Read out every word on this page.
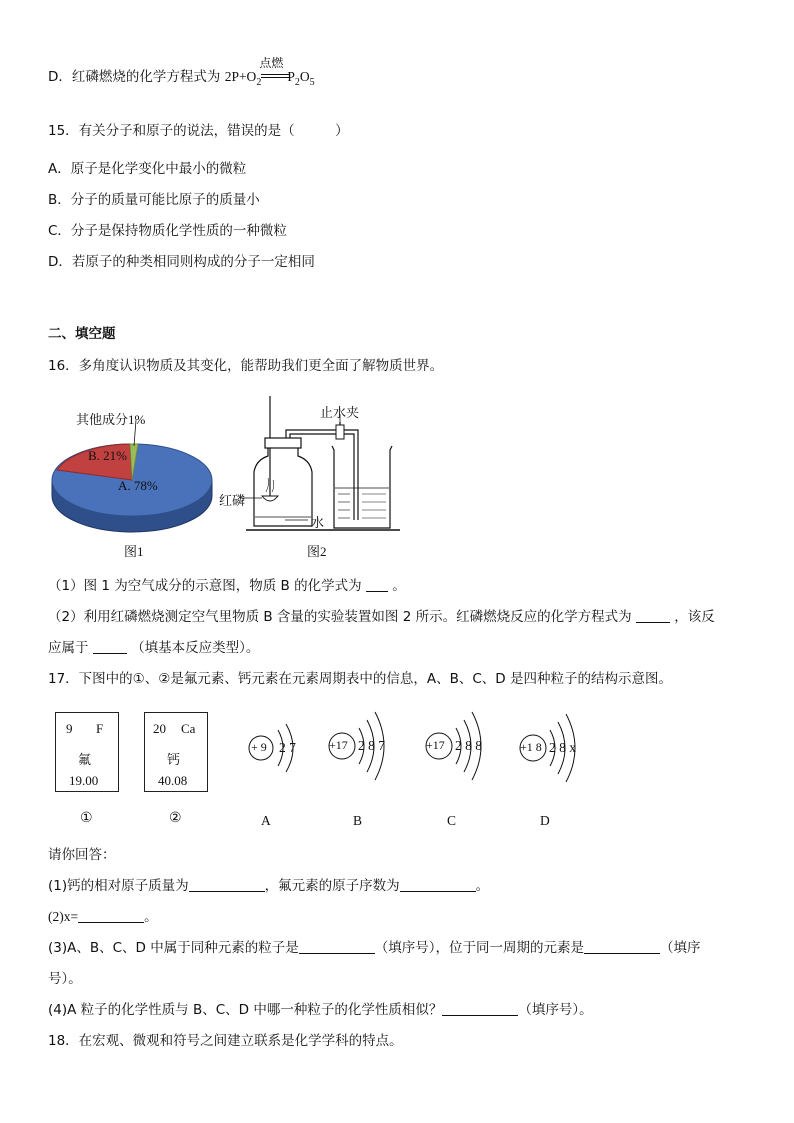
D．红磷燃烧的化学方程式为 $2P+O_2$
点燃
$P_2O_5$
15．有关分子和原子的说法，错误的是（　　　）
A．原子是化学变化中最小的微粒
B．分子的质量可能比原子的质量小
C．分子是保持物质化学性质的一种微粒
D．若原子的种类相同则构成的分子一定相同
二、填空题
16．多角度认识物质及其变化，能帮助我们更全面了解物质世界。
其他成分1%
B. 21%
A. 78%
图1
止水夹
红磷
水
图2
（1）图 1 为空气成分的示意图，物质 B 的化学式为  。
（2）利用红磷燃烧测定空气里物质 B 含量的实验装置如图 2 所示。红磷燃烧反应的化学方程式为	，该反
应属于	（填基本反应类型）。
17．下图中的①、②是氟元素、钙元素在元素周期表中的信息，A、B、C、D 是四种粒子的结构示意图。
9 F
氟
19.00
20 Ca
钙
40.08
①	②
+ 9 2 7	+17 2 8 7	+17 2 8 8	+1 8 2 8 x
A	B	C	D
请你回答：
(1)钙的相对原子质量为	，氟元素的原子序数为	。
(2)x=	。
(3)A、B、C、D 中属于同种元素的粒子是	（填序号），位于同一周期的元素是	（填序
号）。
(4)A 粒子的化学性质与 B、C、D 中哪一种粒子的化学性质相似？	（填序号）。
18．在宏观、微观和符号之间建立联系是化学学科的特点。
